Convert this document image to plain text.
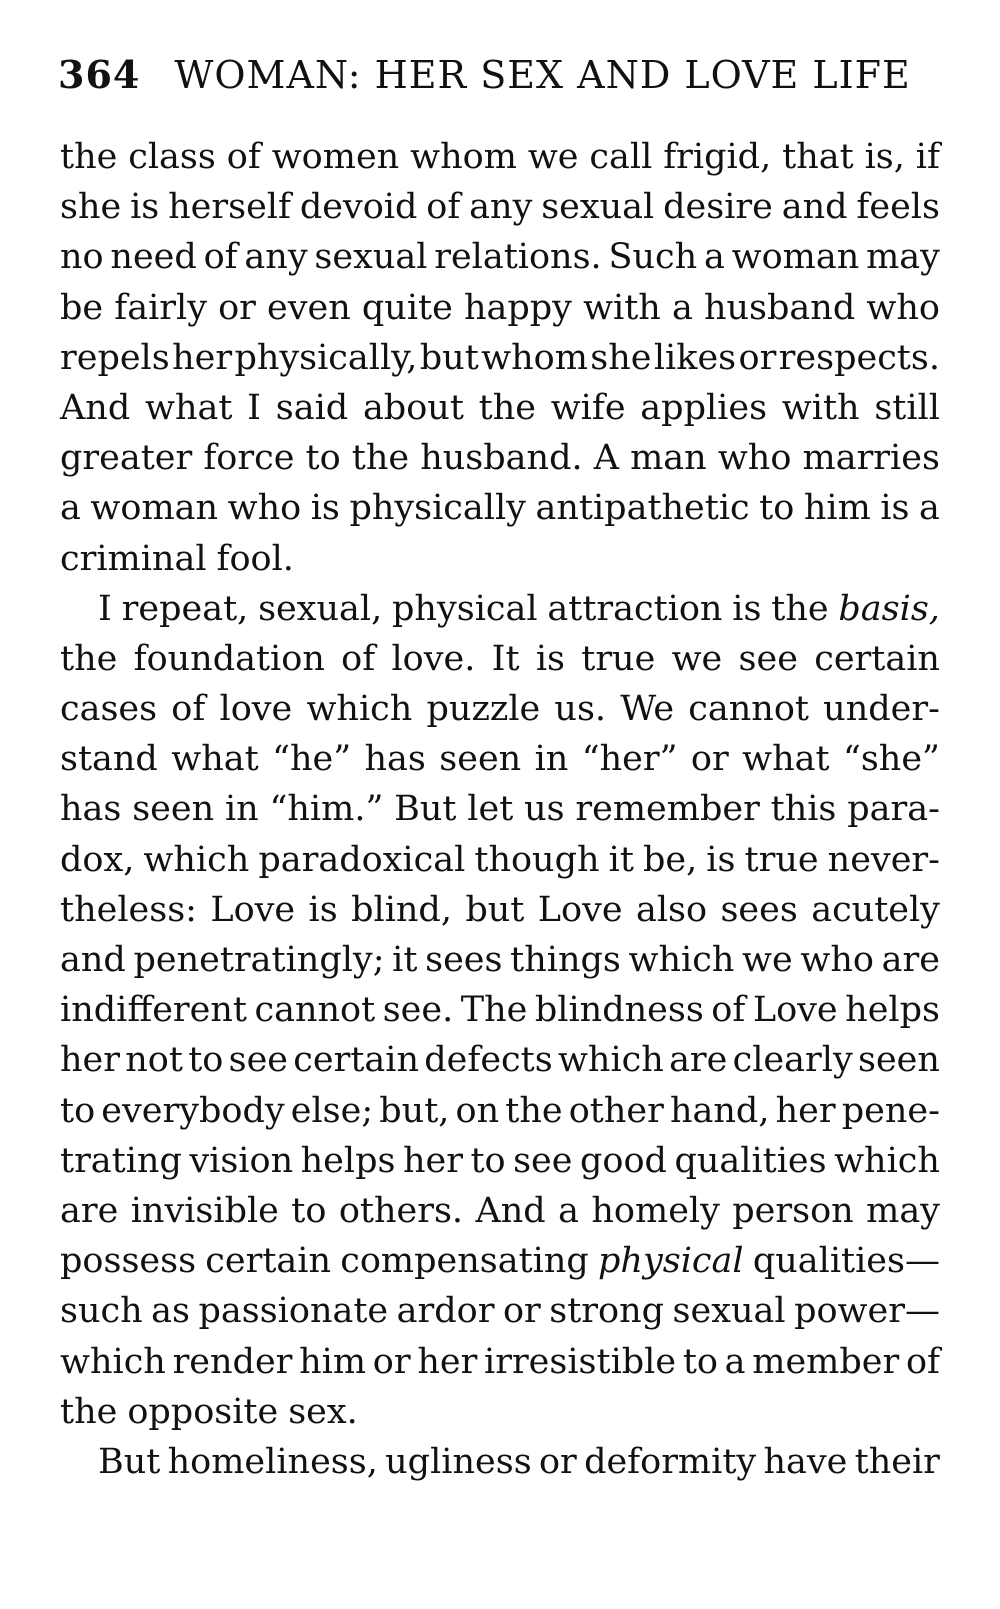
364 WOMAN: HER SEX AND LOVE LIFE
the class of women whom we call frigid, that is, if
she is herself devoid of any sexual desire and feels
no need of any sexual relations. Such a woman may
be fairly or even quite happy with a husband who
repels her physically, but whom she likes or respects.
And what I said about the wife applies with still
greater force to the husband. A man who marries
a woman who is physically antipathetic to him is a
criminal fool.
I repeat, sexual, physical attraction is the basis,
the foundation of love. It is true we see certain
cases of love which puzzle us. We cannot under-
stand what “he” has seen in “her” or what “she”
has seen in “him.” But let us remember this para-
dox, which paradoxical though it be, is true never-
theless: Love is blind, but Love also sees acutely
and penetratingly; it sees things which we who are
indifferent cannot see. The blindness of Love helps
her not to see certain defects which are clearly seen
to everybody else; but, on the other hand, her pene-
trating vision helps her to see good qualities which
are invisible to others. And a homely person may
possess certain compensating physical qualities—
such as passionate ardor or strong sexual power—
which render him or her irresistible to a member of
the opposite sex.
But homeliness, ugliness or deformity have their
